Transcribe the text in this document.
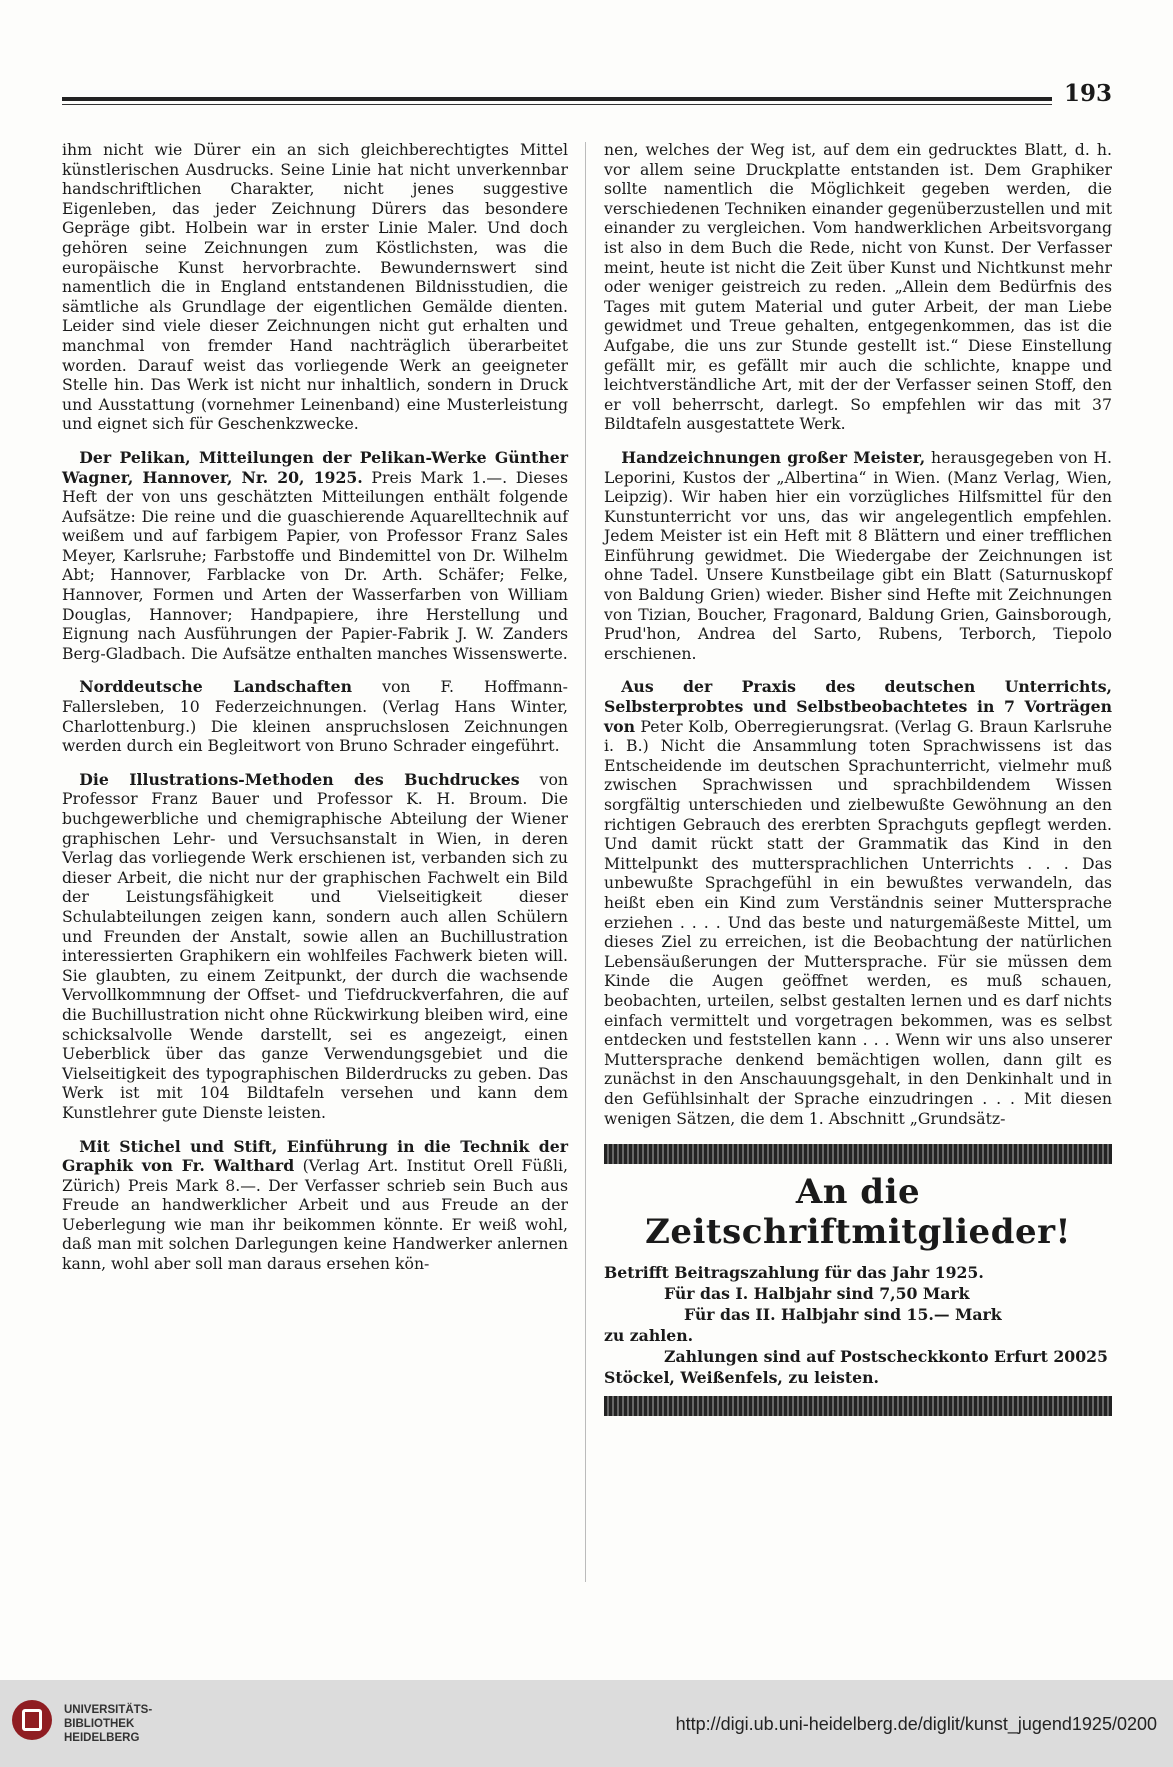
193

ihm nicht wie Dürer ein an sich gleichberechtigtes Mittel künstlerischen Ausdrucks. Seine Linie hat nicht unverkennbar handschriftlichen Charakter, nicht jenes suggestive Eigenleben, das jeder Zeichnung Dürers das besondere Gepräge gibt. Holbein war in erster Linie Maler. Und doch gehören seine Zeichnungen zum Köstlichsten, was die europäische Kunst hervorbrachte. Bewundernswert sind namentlich die in England entstandenen Bildnisstudien, die sämtliche als Grundlage der eigentlichen Gemälde dienten. Leider sind viele dieser Zeichnungen nicht gut erhalten und manchmal von fremder Hand nachträglich überarbeitet worden. Darauf weist das vorliegende Werk an geeigneter Stelle hin. Das Werk ist nicht nur inhaltlich, sondern in Druck und Ausstattung (vornehmer Leinenband) eine Musterleistung und eignet sich für Geschenkzwecke.

Der Pelikan, Mitteilungen der Pelikan-Werke Günther Wagner, Hannover, Nr. 20, 1925. Preis Mark 1.—. Dieses Heft der von uns geschätzten Mitteilungen enthält folgende Aufsätze: Die reine und die guaschierende Aquarelltechnik auf weißem und auf farbigem Papier, von Professor Franz Sales Meyer, Karlsruhe; Farbstoffe und Bindemittel von Dr. Wilhelm Abt; Hannover, Farblacke von Dr. Arth. Schäfer; Felke, Hannover, Formen und Arten der Wasserfarben von William Douglas, Hannover; Handpapiere, ihre Herstellung und Eignung nach Ausführungen der Papier-Fabrik J. W. Zanders Berg-Gladbach. Die Aufsätze enthalten manches Wissenswerte.

Norddeutsche Landschaften von F. Hoffmann-Fallersleben, 10 Federzeichnungen. (Verlag Hans Winter, Charlottenburg.) Die kleinen anspruchslosen Zeichnungen werden durch ein Begleitwort von Bruno Schrader eingeführt.

Die Illustrations-Methoden des Buchdruckes von Professor Franz Bauer und Professor K. H. Broum. Die buchgewerbliche und chemigraphische Abteilung der Wiener graphischen Lehr- und Versuchsanstalt in Wien, in deren Verlag das vorliegende Werk erschienen ist, verbanden sich zu dieser Arbeit, die nicht nur der graphischen Fachwelt ein Bild der Leistungsfähigkeit und Vielseitigkeit dieser Schulabteilungen zeigen kann, sondern auch allen Schülern und Freunden der Anstalt, sowie allen an Buchillustration interessierten Graphikern ein wohlfeiles Fachwerk bieten will. Sie glaubten, zu einem Zeitpunkt, der durch die wachsende Vervollkommnung der Offset- und Tiefdruckverfahren, die auf die Buchillustration nicht ohne Rückwirkung bleiben wird, eine schicksalvolle Wende darstellt, sei es angezeigt, einen Ueberblick über das ganze Verwendungsgebiet und die Vielseitigkeit des typographischen Bilderdrucks zu geben. Das Werk ist mit 104 Bildtafeln versehen und kann dem Kunstlehrer gute Dienste leisten.

Mit Stichel und Stift, Einführung in die Technik der Graphik von Fr. Walthard (Verlag Art. Institut Orell Füßli, Zürich) Preis Mark 8.—. Der Verfasser schrieb sein Buch aus Freude an handwerklicher Arbeit und aus Freude an der Ueberlegung wie man ihr beikommen könnte. Er weiß wohl, daß man mit solchen Darlegungen keine Handwerker anlernen kann, wohl aber soll man daraus ersehen kön-

nen, welches der Weg ist, auf dem ein gedrucktes Blatt, d. h. vor allem seine Druckplatte entstanden ist. Dem Graphiker sollte namentlich die Möglichkeit gegeben werden, die verschiedenen Techniken einander gegenüberzustellen und mit einander zu vergleichen. Vom handwerklichen Arbeitsvorgang ist also in dem Buch die Rede, nicht von Kunst. Der Verfasser meint, heute ist nicht die Zeit über Kunst und Nichtkunst mehr oder weniger geistreich zu reden. „Allein dem Bedürfnis des Tages mit gutem Material und guter Arbeit, der man Liebe gewidmet und Treue gehalten, entgegenkommen, das ist die Aufgabe, die uns zur Stunde gestellt ist.“ Diese Einstellung gefällt mir, es gefällt mir auch die schlichte, knappe und leichtverständliche Art, mit der der Verfasser seinen Stoff, den er voll beherrscht, darlegt. So empfehlen wir das mit 37 Bildtafeln ausgestattete Werk.

Handzeichnungen großer Meister, herausgegeben von H. Leporini, Kustos der „Albertina“ in Wien. (Manz Verlag, Wien, Leipzig). Wir haben hier ein vorzügliches Hilfsmittel für den Kunstunterricht vor uns, das wir angelegentlich empfehlen. Jedem Meister ist ein Heft mit 8 Blättern und einer trefflichen Einführung gewidmet. Die Wiedergabe der Zeichnungen ist ohne Tadel. Unsere Kunstbeilage gibt ein Blatt (Saturnuskopf von Baldung Grien) wieder. Bisher sind Hefte mit Zeichnungen von Tizian, Boucher, Fragonard, Baldung Grien, Gainsborough, Prud'hon, Andrea del Sarto, Rubens, Terborch, Tiepolo erschienen.

Aus der Praxis des deutschen Unterrichts, Selbsterprobtes und Selbstbeobachtetes in 7 Vorträgen von Peter Kolb, Oberregierungsrat. (Verlag G. Braun Karlsruhe i. B.) Nicht die Ansammlung toten Sprachwissens ist das Entscheidende im deutschen Sprachunterricht, vielmehr muß zwischen Sprachwissen und sprachbildendem Wissen sorgfältig unterschieden und zielbewußte Gewöhnung an den richtigen Gebrauch des ererbten Sprachguts gepflegt werden. Und damit rückt statt der Grammatik das Kind in den Mittelpunkt des muttersprachlichen Unterrichts . . . Das unbewußte Sprachgefühl in ein bewußtes verwandeln, das heißt eben ein Kind zum Verständnis seiner Muttersprache erziehen . . . . Und das beste und naturgemäßeste Mittel, um dieses Ziel zu erreichen, ist die Beobachtung der natürlichen Lebensäußerungen der Muttersprache. Für sie müssen dem Kinde die Augen geöffnet werden, es muß schauen, beobachten, urteilen, selbst gestalten lernen und es darf nichts einfach vermittelt und vorgetragen bekommen, was es selbst entdecken und feststellen kann . . . Wenn wir uns also unserer Muttersprache denkend bemächtigen wollen, dann gilt es zunächst in den Anschauungsgehalt, in den Denkinhalt und in den Gefühlsinhalt der Sprache einzudringen . . . Mit diesen wenigen Sätzen, die dem 1. Abschnitt „Grundsätz-

An die Zeitschriftmitglieder!
Betrifft Beitragszahlung für das Jahr 1925.
Für das I. Halbjahr sind 7,50 Mark
Für das II. Halbjahr sind 15.— Mark
zu zahlen.
Zahlungen sind auf Postscheckkonto Erfurt 20025
Stöckel, Weißenfels, zu leisten.
UNIVERSITÄTS-
BIBLIOTHEK
HEIDELBERG
http://digi.ub.uni-heidelberg.de/diglit/kunst_jugend1925/0200
